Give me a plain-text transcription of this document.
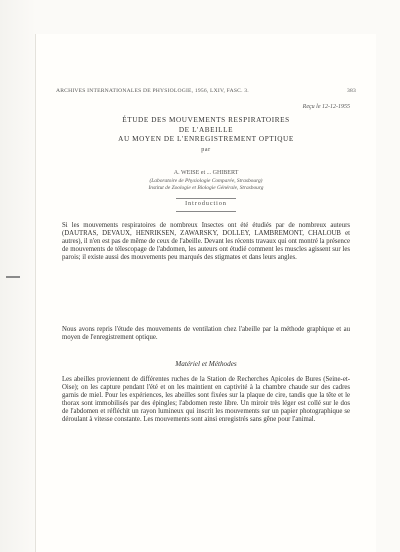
ARCHIVES INTERNATIONALES DE PHYSIOLOGIE, 1956, LXIV, FASC. 3.	383
Reçu le 12-12-1955
ÉTUDE DES MOUVEMENTS RESPIRATOIRES
DE L'ABEILLE
AU MOYEN DE L'ENREGISTREMENT OPTIQUE
par
A. WEISE et ... GHIBERT
(Laboratoire de Physiologie Comparée, Strasbourg)
Institut de Zoologie et Biologie Générale, Strasbourg
Introduction
Si les mouvements respiratoires de nombreux Insectes ont été étudiés par de nombreux auteurs (DAUTRAS, DEVAUX, HENRIKSEN, ZAWARSKY, DOLLEY, LAMBREMONT, CHALOUB et autres), il n'en est pas de même de ceux de l'abeille. Devant les récents travaux qui ont montré la présence de mouvements de télescopage de l'abdomen, les auteurs ont étudié comment les muscles agissent sur les parois; il existe aussi des mouvements peu marqués des stigmates et dans leurs angles.
Nous avons repris l'étude des mouvements de ventilation chez l'abeille par la méthode graphique et au moyen de l'enregistrement optique.
Matériel et Méthodes
Les abeilles proviennent de différentes ruches de la Station de Recherches Apicoles de Bures (Seine-et-Oise); on les capture pendant l'été et on les maintient en captivité à la chambre chaude sur des cadres garnis de miel. Pour les expériences, les abeilles sont fixées sur la plaque de cire, tandis que la tête et le thorax sont immobilisés par des épingles; l'abdomen reste libre. Un miroir très léger est collé sur le dos de l'abdomen et réfléchit un rayon lumineux qui inscrit les mouvements sur un papier photographique se déroulant à vitesse constante. Les mouvements sont ainsi enregistrés sans gêne pour l'animal.
